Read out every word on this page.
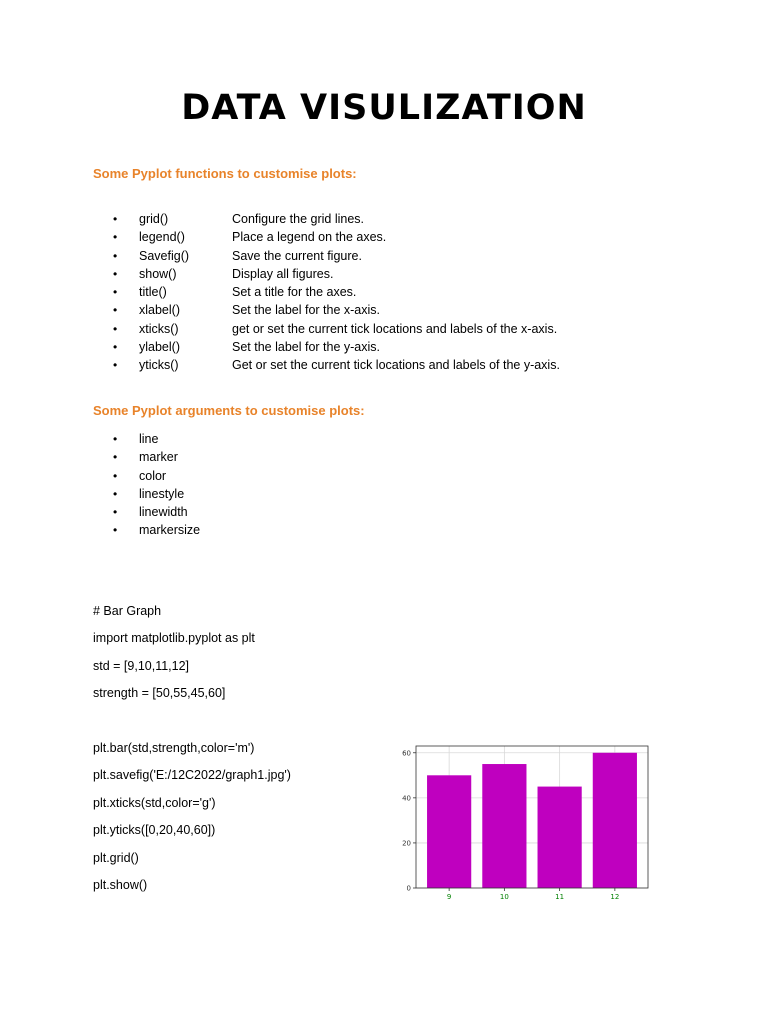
DATA VISULIZATION
Some Pyplot functions to customise plots:
• grid()	Configure the grid lines.
• legend()	Place a legend on the axes.
• Savefig()	Save the current figure.
• show()	Display all figures.
• title()	Set a title for the axes.
• xlabel()	Set the label for the x-axis.
• xticks()	get or set the current tick locations and labels of the x-axis.
• ylabel()	Set the label for the y-axis.
• yticks()	Get or set the current tick locations and labels of the y-axis.
Some Pyplot arguments to customise plots:
• line
• marker
• color
• linestyle
• linewidth
• markersize
# Bar Graph
import matplotlib.pyplot as plt
std = [9,10,11,12]
strength = [50,55,45,60]
plt.bar(std,strength,color='m')
plt.savefig('E:/12C2022/graph1.jpg')
plt.xticks(std,color='g')
plt.yticks([0,20,40,60])
plt.grid()
plt.show()	0
20
40
60
9	10	11	12
